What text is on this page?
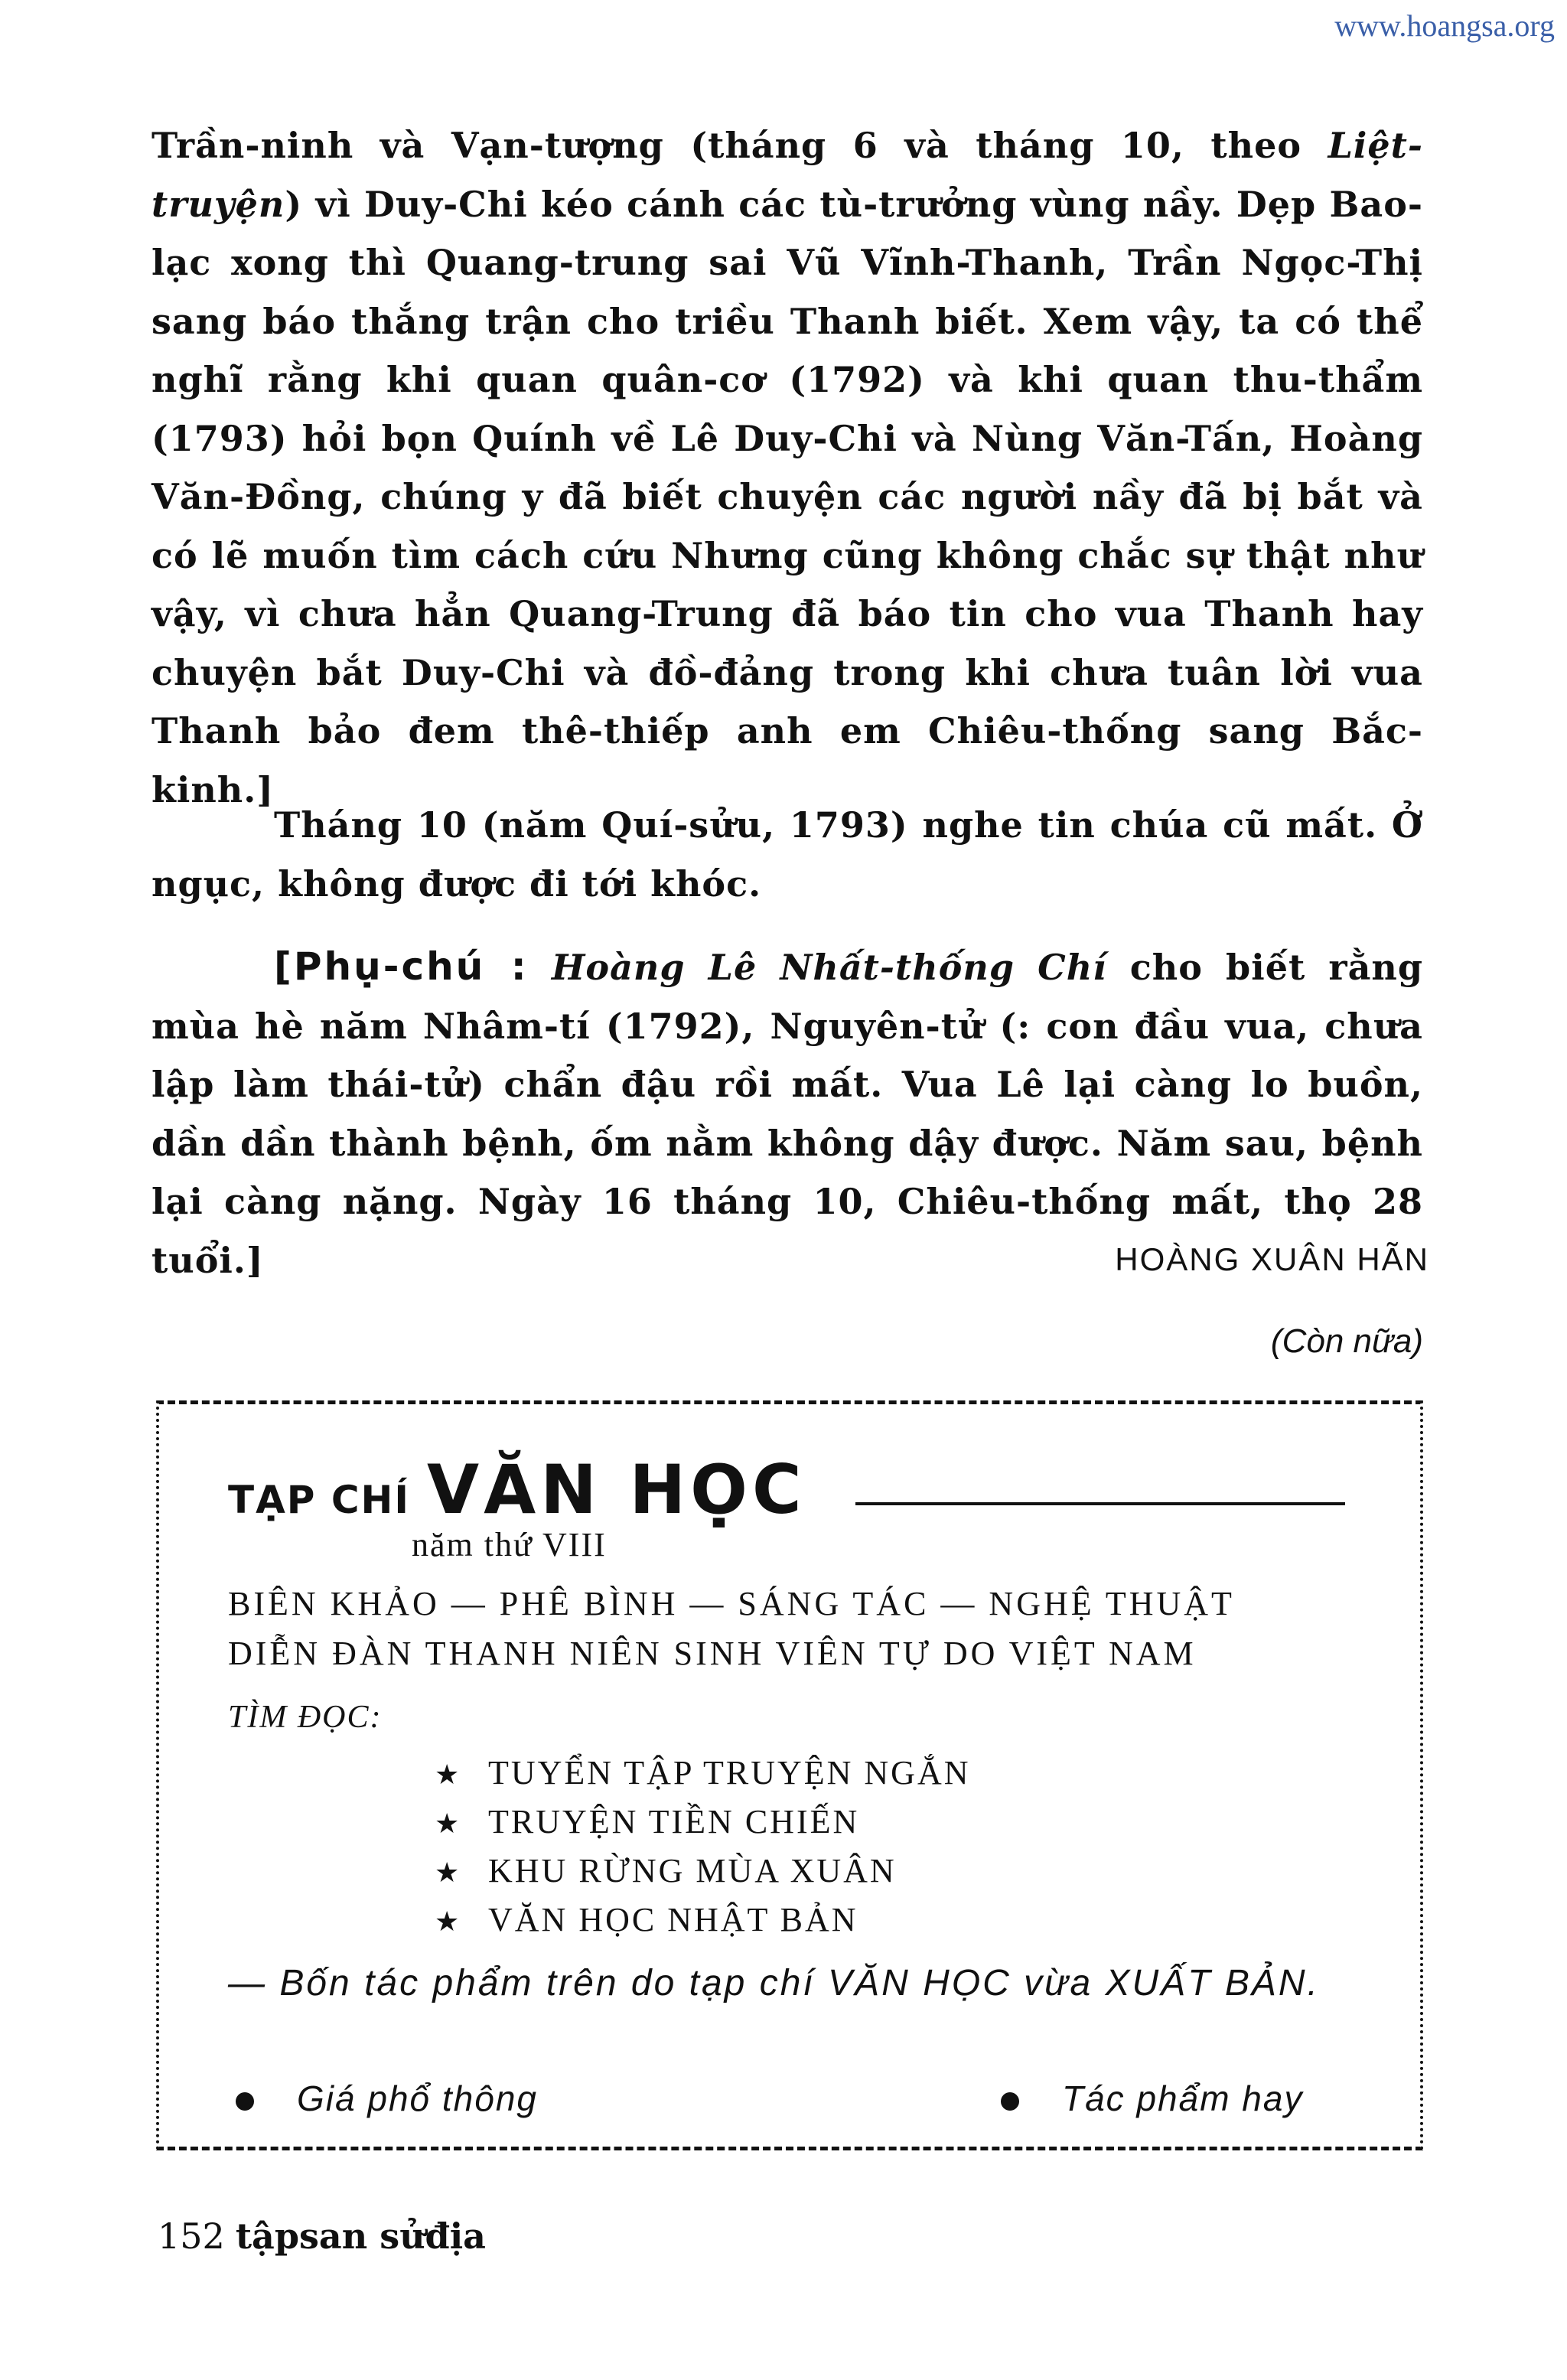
www.hoangsa.org
Trần-ninh và Vạn-tượng (tháng 6 và tháng 10, theo Liệt-truyện) vì Duy-Chi kéo cánh các tù-trưởng vùng nầy. Dẹp Bao-lạc xong thì Quang-trung sai Vũ Vĩnh-Thanh, Trần Ngọc-Thị sang báo thắng trận cho triều Thanh biết. Xem vậy, ta có thể nghĩ rằng khi quan quân-cơ (1792) và khi quan thu-thẩm (1793) hỏi bọn Quính về Lê Duy-Chi và Nùng Văn-Tấn, Hoàng Văn-Đồng, chúng y đã biết chuyện các người nầy đã bị bắt và có lẽ muốn tìm cách cứu Nhưng cũng không chắc sự thật như vậy, vì chưa hẳn Quang-Trung đã báo tin cho vua Thanh hay chuyện bắt Duy-Chi và đồ-đảng trong khi chưa tuân lời vua Thanh bảo đem thê-thiếp anh em Chiêu-thống sang Bắc-kinh.]
Tháng 10 (năm Quí-sửu, 1793) nghe tin chúa cũ mất. Ở ngục, không được đi tới khóc.
[Phụ-chú : Hoàng Lê Nhất-thống Chí cho biết rằng mùa hè năm Nhâm-tí (1792), Nguyên-tử (: con đầu vua, chưa lập làm thái-tử) chẩn đậu rồi mất. Vua Lê lại càng lo buồn, dần dần thành bệnh, ốm nằm không dậy được. Năm sau, bệnh lại càng nặng. Ngày 16 tháng 10, Chiêu-thống mất, thọ 28 tuổi.]	HOÀNG XUÂN HÃN
(Còn nữa)
TẠP CHÍ VĂN HỌC
năm thứ VIII
BIÊN KHẢO — PHÊ BÌNH — SÁNG TÁC — NGHỆ THUẬT
DIỄN ĐÀN THANH NIÊN SINH VIÊN TỰ DO VIỆT NAM
TÌM ĐỌC:
★ TUYỂN TẬP TRUYỆN NGẮN
★ TRUYỆN TIỀN CHIẾN
★ KHU RỪNG MÙA XUÂN
★ VĂN HỌC NHẬT BẢN
— Bốn tác phẩm trên do tạp chí VĂN HỌC vừa XUẤT BẢN.
Giá phổ thông	Tác phẩm hay
152 tậpsan sửđịa
